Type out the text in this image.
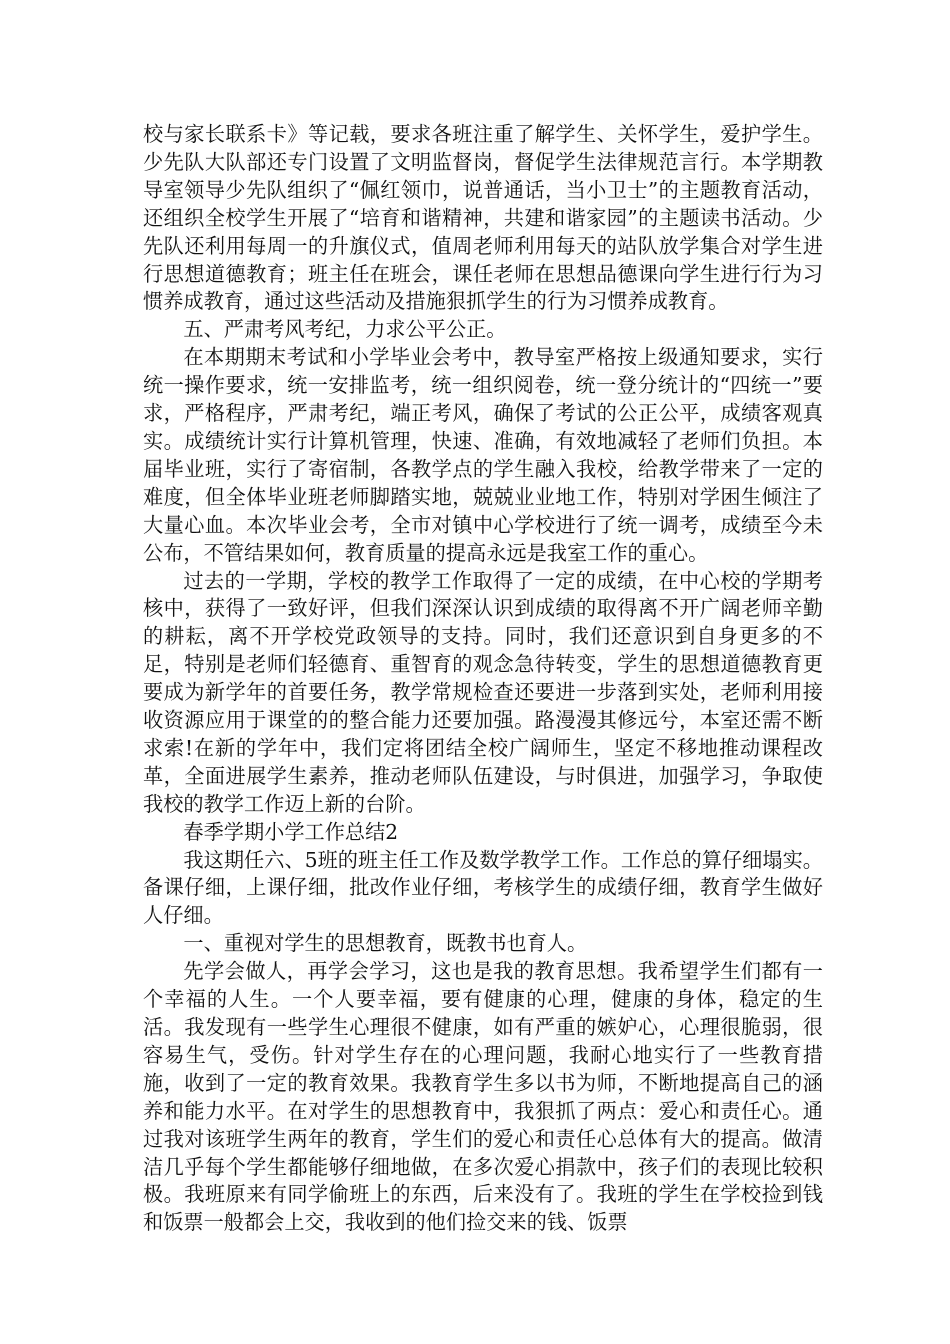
校与家长联系卡》等记载，要求各班注重了解学生、关怀学生，爱护学生。少先队大队部还专门设置了文明监督岗，督促学生法律规范言行。本学期教导室领导少先队组织了“佩红领巾，说普通话，当小卫士”的主题教育活动，还组织全校学生开展了“培育和谐精神，共建和谐家园”的主题读书活动。少先队还利用每周一的升旗仪式，值周老师利用每天的站队放学集合对学生进行思想道德教育；班主任在班会，课任老师在思想品德课向学生进行行为习惯养成教育，通过这些活动及措施狠抓学生的行为习惯养成教育。

五、严肃考风考纪，力求公平公正。

在本期期末考试和小学毕业会考中，教导室严格按上级通知要求，实行统一操作要求，统一安排监考，统一组织阅卷，统一登分统计的“四统一”要求，严格程序，严肃考纪，端正考风，确保了考试的公正公平，成绩客观真实。成绩统计实行计算机管理，快速、准确，有效地减轻了老师们负担。本届毕业班，实行了寄宿制，各教学点的学生融入我校，给教学带来了一定的难度，但全体毕业班老师脚踏实地，兢兢业业地工作，特别对学困生倾注了大量心血。本次毕业会考，全市对镇中心学校进行了统一调考，成绩至今未公布，不管结果如何，教育质量的提高永远是我室工作的重心。

过去的一学期，学校的教学工作取得了一定的成绩，在中心校的学期考核中，获得了一致好评，但我们深深认识到成绩的取得离不开广阔老师辛勤的耕耘，离不开学校党政领导的支持。同时，我们还意识到自身更多的不足，特别是老师们轻德育、重智育的观念急待转变，学生的思想道德教育更要成为新学年的首要任务，教学常规检查还要进一步落到实处，老师利用接收资源应用于课堂的的整合能力还要加强。路漫漫其修远兮，本室还需不断求索!在新的学年中，我们定将团结全校广阔师生，坚定不移地推动课程改革，全面进展学生素养，推动老师队伍建设，与时俱进，加强学习，争取使我校的教学工作迈上新的台阶。

春季学期小学工作总结2

我这期任六、5班的班主任工作及数学教学工作。工作总的算仔细塌实。备课仔细，上课仔细，批改作业仔细，考核学生的成绩仔细，教育学生做好人仔细。

一、重视对学生的思想教育，既教书也育人。

先学会做人，再学会学习，这也是我的教育思想。我希望学生们都有一个幸福的人生。一个人要幸福，要有健康的心理，健康的身体，稳定的生活。我发现有一些学生心理很不健康，如有严重的嫉妒心，心理很脆弱，很容易生气，受伤。针对学生存在的心理问题，我耐心地实行了一些教育措施，收到了一定的教育效果。我教育学生多以书为师，不断地提高自己的涵养和能力水平。在对学生的思想教育中，我狠抓了两点：爱心和责任心。通过我对该班学生两年的教育，学生们的爱心和责任心总体有大的提高。做清洁几乎每个学生都能够仔细地做，在多次爱心捐款中，孩子们的表现比较积极。我班原来有同学偷班上的东西，后来没有了。我班的学生在学校捡到钱和饭票一般都会上交，我收到的他们捡交来的钱、饭票
